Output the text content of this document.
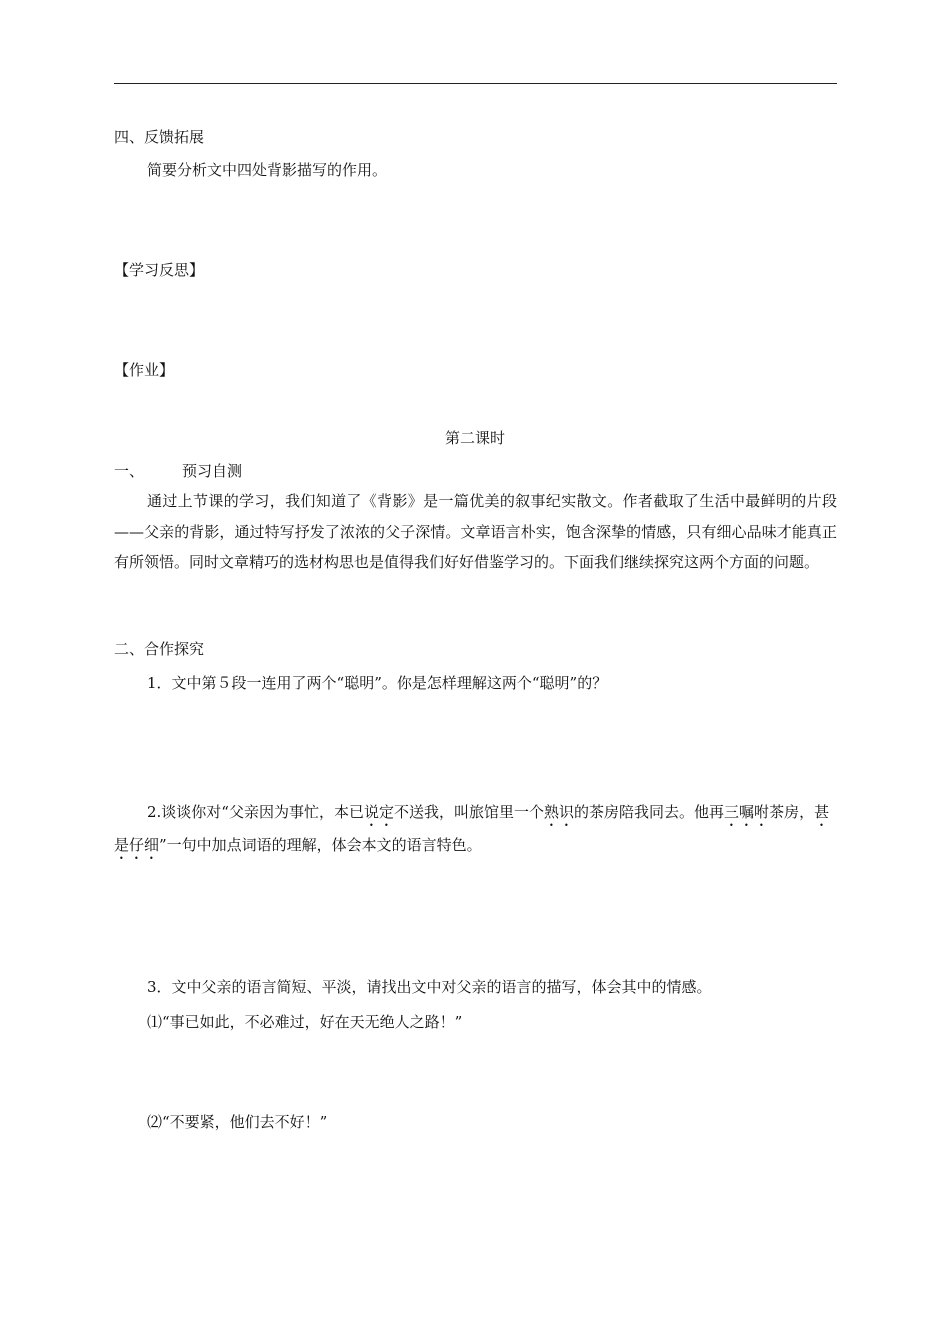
四、反馈拓展
简要分析文中四处背影描写的作用。
【学习反思】
【作业】
第二课时
一、	预习自测
通过上节课的学习，我们知道了《背影》是一篇优美的叙事纪实散文。作者截取了生活中最鲜明的片段——父亲的背影，通过特写抒发了浓浓的父子深情。文章语言朴实，饱含深挚的情感，只有细心品味才能真正有所领悟。同时文章精巧的选材构思也是值得我们好好借鉴学习的。下面我们继续探究这两个方面的问题。
二、合作探究
1．文中第５段一连用了两个“聪明”。你是怎样理解这两个“聪明”的？
2.谈谈你对“父亲因为事忙，本已说定不送我，叫旅馆里一个熟识的茶房陪我同去。他再三嘱咐茶房，甚是仔细”一句中加点词语的理解，体会本文的语言特色。
3．文中父亲的语言简短、平淡，请找出文中对父亲的语言的描写，体会其中的情感。
⑴“事已如此，不必难过，好在天无绝人之路！”
⑵“不要紧，他们去不好！”
